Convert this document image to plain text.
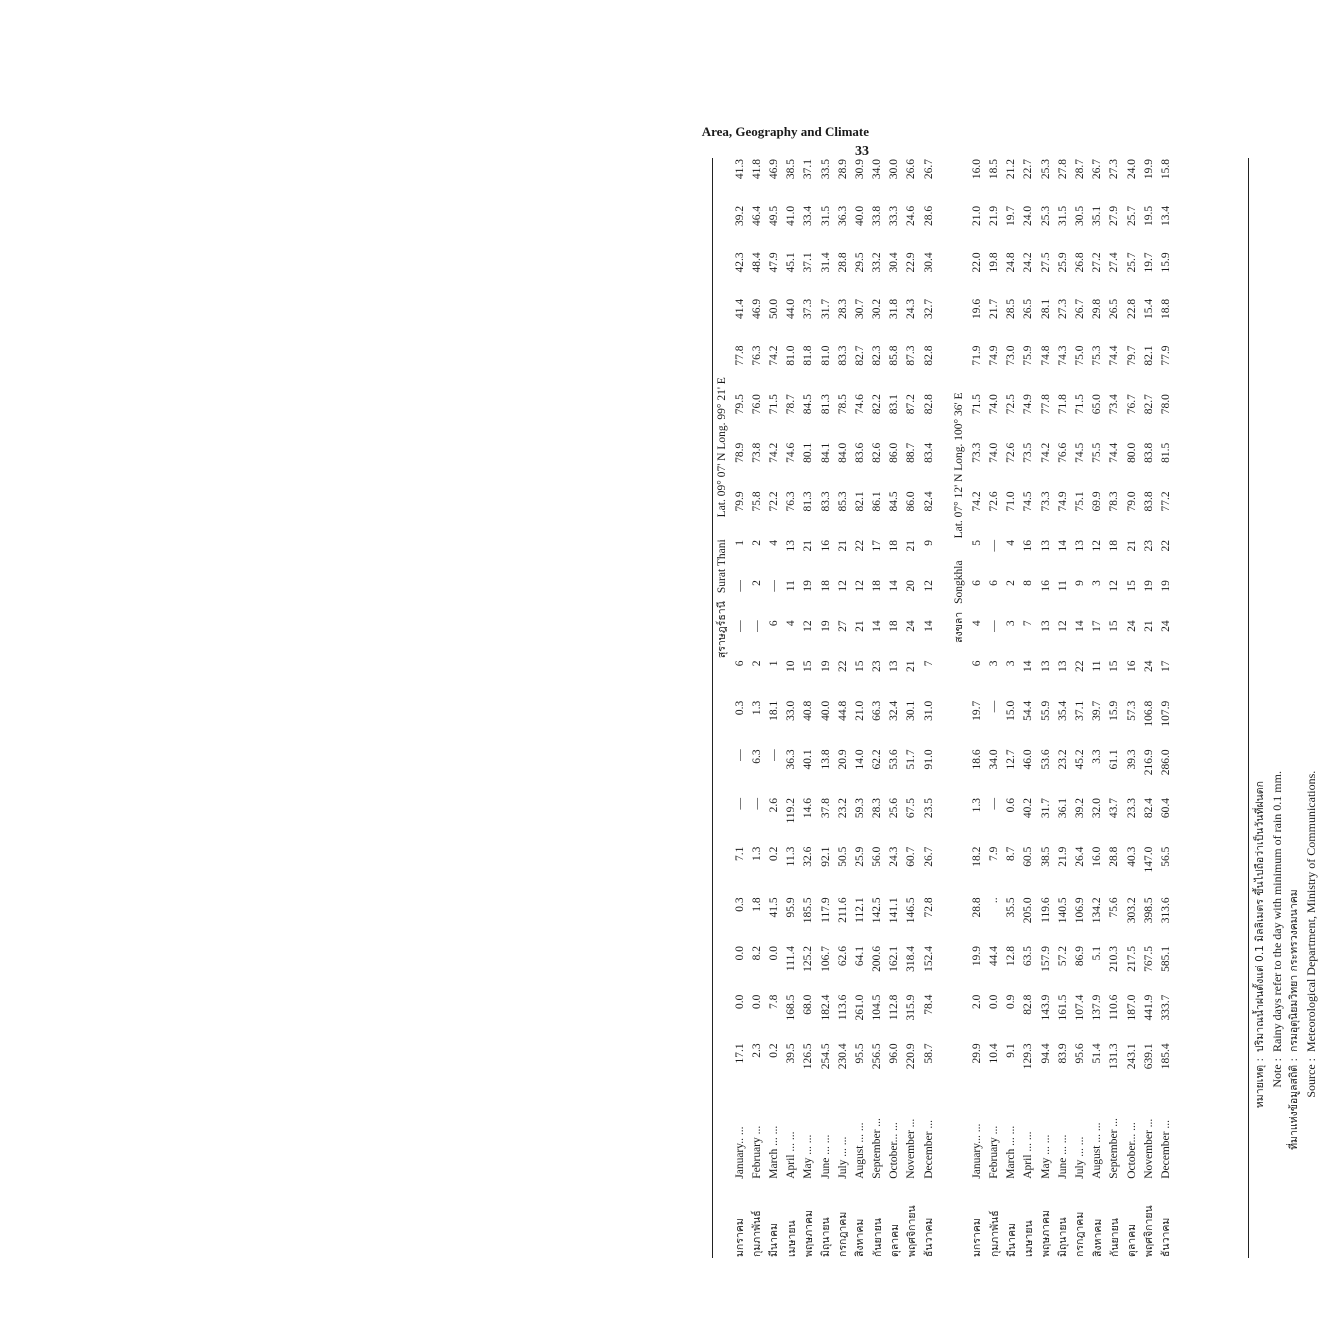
Area, Geography and Climate
33
						สุราษฎร์ธานีSurat ThaniLat. 09° 07' N Long. 99° 21' E															
มกราคม	January.. ...	17.1	0.0	0.0	0.3	7.1	—	—	0.3	6	—	—	1	79.9	78.9	79.5	77.8	41.4	42.3	39.2	41.3
กุมภาพันธ์	February ...	2.3	0.0	8.2	1.8	1.3	—	6.3	1.3	2	—	2	2	75.8	73.8	76.0	76.3	46.9	48.4	46.4	41.8
มีนาคม	March ... ...	0.2	7.8	0.0	41.5	0.2	2.6	—	18.1	1	6	—	4	72.2	74.2	71.5	74.2	50.0	47.9	49.5	46.9
เมษายน	April ... ...	39.5	168.5	111.4	95.9	11.3	119.2	36.3	33.0	10	4	11	13	76.3	74.6	78.7	81.0	44.0	45.1	41.0	38.5
พฤษภาคม	May ... ...	126.5	68.0	125.2	185.5	32.6	14.6	40.1	40.8	15	12	19	21	81.3	80.1	84.5	81.8	37.3	37.1	33.4	37.1
มิถุนายน	June ... ...	254.5	182.4	106.7	117.9	92.1	37.8	13.8	40.0	19	19	18	16	83.3	84.1	81.3	81.0	31.7	31.4	31.5	33.5
กรกฎาคม	July ... ...	230.4	113.6	62.6	211.6	50.5	23.2	20.9	44.8	22	27	12	21	85.3	84.0	78.5	83.3	28.3	28.8	36.3	28.9
สิงหาคม	August ... ...	95.5	261.0	64.1	112.1	25.9	59.3	14.0	21.0	15	21	12	22	82.1	83.6	74.6	82.7	30.7	29.5	40.0	30.9
กันยายน	September ...	256.5	104.5	200.6	142.5	56.0	28.3	62.2	66.3	23	14	18	17	86.1	82.6	82.2	82.3	30.2	33.2	33.8	34.0
ตุลาคม	October... ...	96.0	112.8	162.1	141.1	24.3	25.6	53.6	32.4	13	18	14	18	84.5	86.0	83.1	85.8	31.8	30.4	33.3	30.0
พฤศจิกายน	November ...	220.9	315.9	318.4	146.5	60.7	67.5	51.7	30.1	21	24	20	21	86.0	88.7	87.2	87.3	24.3	22.9	24.6	26.6
ธันวาคม	December ...	58.7	78.4	152.4	72.8	26.7	23.5	91.0	31.0	7	14	12	9	82.4	83.4	82.8	82.8	32.7	30.4	28.6	26.7

						สงขลาSongkhlaLat. 07° 12' N Long. 100° 36' E															
มกราคม	January... ...	29.9	2.0	19.9	28.8	18.2	1.3	18.6	19.7	6	4	6	5	74.2	73.3	71.5	71.9	19.6	22.0	21.0	16.0
กุมภาพันธ์	February ...	10.4	0.0	44.4	..	7.9	—	34.0	—	3	—	6	—	72.6	74.0	74.0	74.9	21.7	19.8	21.9	18.5
มีนาคม	March ... ...	9.1	0.9	12.8	35.5	8.7	0.6	12.7	15.0	3	3	2	4	71.0	72.6	72.5	73.0	28.5	24.8	19.7	21.2
เมษายน	April ... ...	129.3	82.8	63.5	205.0	60.5	40.2	46.0	54.4	14	7	8	16	74.5	73.5	74.9	75.9	26.5	24.2	24.0	22.7
พฤษภาคม	May ... ...	94.4	143.9	157.9	119.6	38.5	31.7	53.6	55.9	13	13	16	13	73.3	74.2	77.8	74.8	28.1	27.5	25.3	25.3
มิถุนายน	June ... ...	83.9	161.5	57.2	140.5	21.9	36.1	23.2	35.4	13	12	11	14	74.9	76.6	71.8	74.3	27.3	25.9	31.5	27.8
กรกฎาคม	July ... ...	95.6	107.4	86.9	106.9	26.4	39.2	45.2	37.1	22	14	9	13	75.1	74.5	71.5	75.0	26.7	26.8	30.5	28.7
สิงหาคม	August ... ...	51.4	137.9	5.1	134.2	16.0	32.0	3.3	39.7	11	17	3	12	69.9	75.5	65.0	75.3	29.8	27.2	35.1	26.7
กันยายน	September ...	131.3	110.6	210.3	75.6	28.8	43.7	61.1	15.9	15	15	12	18	78.3	74.4	73.4	74.4	26.5	27.4	27.9	27.3
ตุลาคม	October... ...	243.1	187.0	217.5	303.2	40.3	23.3	39.3	57.3	16	24	15	21	79.0	80.0	76.7	79.7	22.8	25.7	25.7	24.0
พฤศจิกายน	November ...	639.1	441.9	767.5	398.5	147.0	82.4	216.9	106.8	24	21	19	23	83.8	83.8	82.7	82.1	15.4	19.7	19.5	19.9
ธันวาคม	December ...	185.4	333.7	585.1	313.6	56.5	60.4	286.0	107.9	17	24	19	22	77.2	81.5	78.0	77.9	18.8	15.9	13.4	15.8
หมายเหตุ :
ปริมาณน้ำฝนตั้งแต่ 0.1 มิลลิเมตร ขึ้นไปถือว่าเป็นวันที่ฝนตก
Note :
Rainy days refer to the day with minimum of rain 0.1 mm.
ที่มาแห่งข้อมูลสถิติ :
กรมอุตุนิยมวิทยา กระทรวงคมนาคม
Source :
Meteorological Department, Ministry of Communications.
